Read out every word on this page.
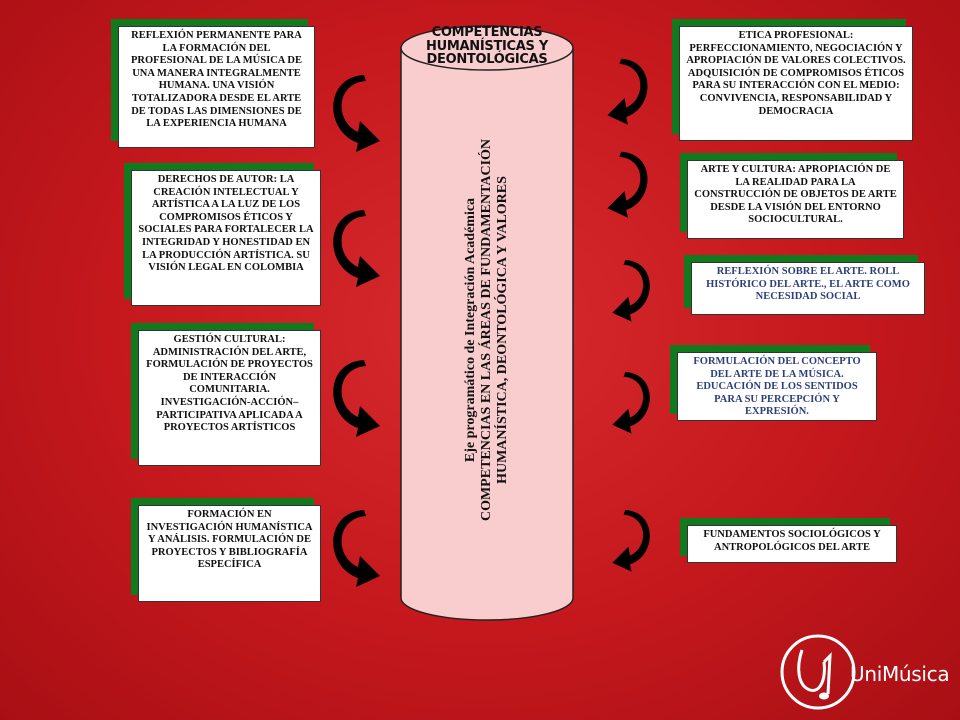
COMPETENCIAS HUMANÍSTICAS Y DEONTOLÓGICAS
Eje programático de Integración Académica COMPETENCIAS EN LAS ÁREAS DE FUNDAMENTACIÓN HUMANÍSTICA, DEONTOLÓGICA Y VALORES
REFLEXIÓN PERMANENTE PARA LA FORMACIÓN DEL PROFESIONAL DE LA MÚSICA DE UNA MANERA INTEGRALMENTE HUMANA. UNA VISIÓN TOTALIZADORA DESDE EL ARTE DE TODAS LAS DIMENSIONES DE LA EXPERIENCIA HUMANA
DERECHOS DE AUTOR: LA CREACIÓN INTELECTUAL Y ARTÍSTICA A LA LUZ DE LOS COMPROMISOS ÉTICOS Y SOCIALES PARA FORTALECER LA INTEGRIDAD Y HONESTIDAD EN LA PRODUCCIÓN ARTÍSTICA. SU VISIÓN LEGAL EN COLOMBIA
GESTIÓN CULTURAL: ADMINISTRACIÓN DEL ARTE, FORMULACIÓN DE PROYECTOS DE INTERACCIÓN COMUNITARIA. INVESTIGACIÓN-ACCIÓN–PARTICIPATIVA APLICADA A PROYECTOS ARTÍSTICOS
FORMACIÓN EN INVESTIGACIÓN HUMANÍSTICA Y ANÁLISIS. FORMULACIÓN DE PROYECTOS Y BIBLIOGRAFÍA ESPECÍFICA
ETICA PROFESIONAL: PERFECCIONAMIENTO, NEGOCIACIÓN Y APROPIACIÓN DE VALORES COLECTIVOS. ADQUISICIÓN DE COMPROMISOS ÉTICOS PARA SU INTERACCIÓN CON EL MEDIO: CONVIVENCIA, RESPONSABILIDAD Y DEMOCRACIA
ARTE Y CULTURA: APROPIACIÓN DE LA REALIDAD PARA LA CONSTRUCCIÓN DE OBJETOS DE ARTE DESDE LA VISIÓN DEL ENTORNO SOCIOCULTURAL.
REFLEXIÓN SOBRE EL ARTE. ROLL HISTÓRICO DEL ARTE., EL ARTE COMO NECESIDAD SOCIAL
FORMULACIÓN DEL CONCEPTO DEL ARTE DE LA MÚSICA. EDUCACIÓN DE LOS SENTIDOS PARA SU PERCEPCIÓN Y EXPRESIÓN.
FUNDAMENTOS SOCIOLÓGICOS Y ANTROPOLÓGICOS DEL ARTE
UniMúsica
